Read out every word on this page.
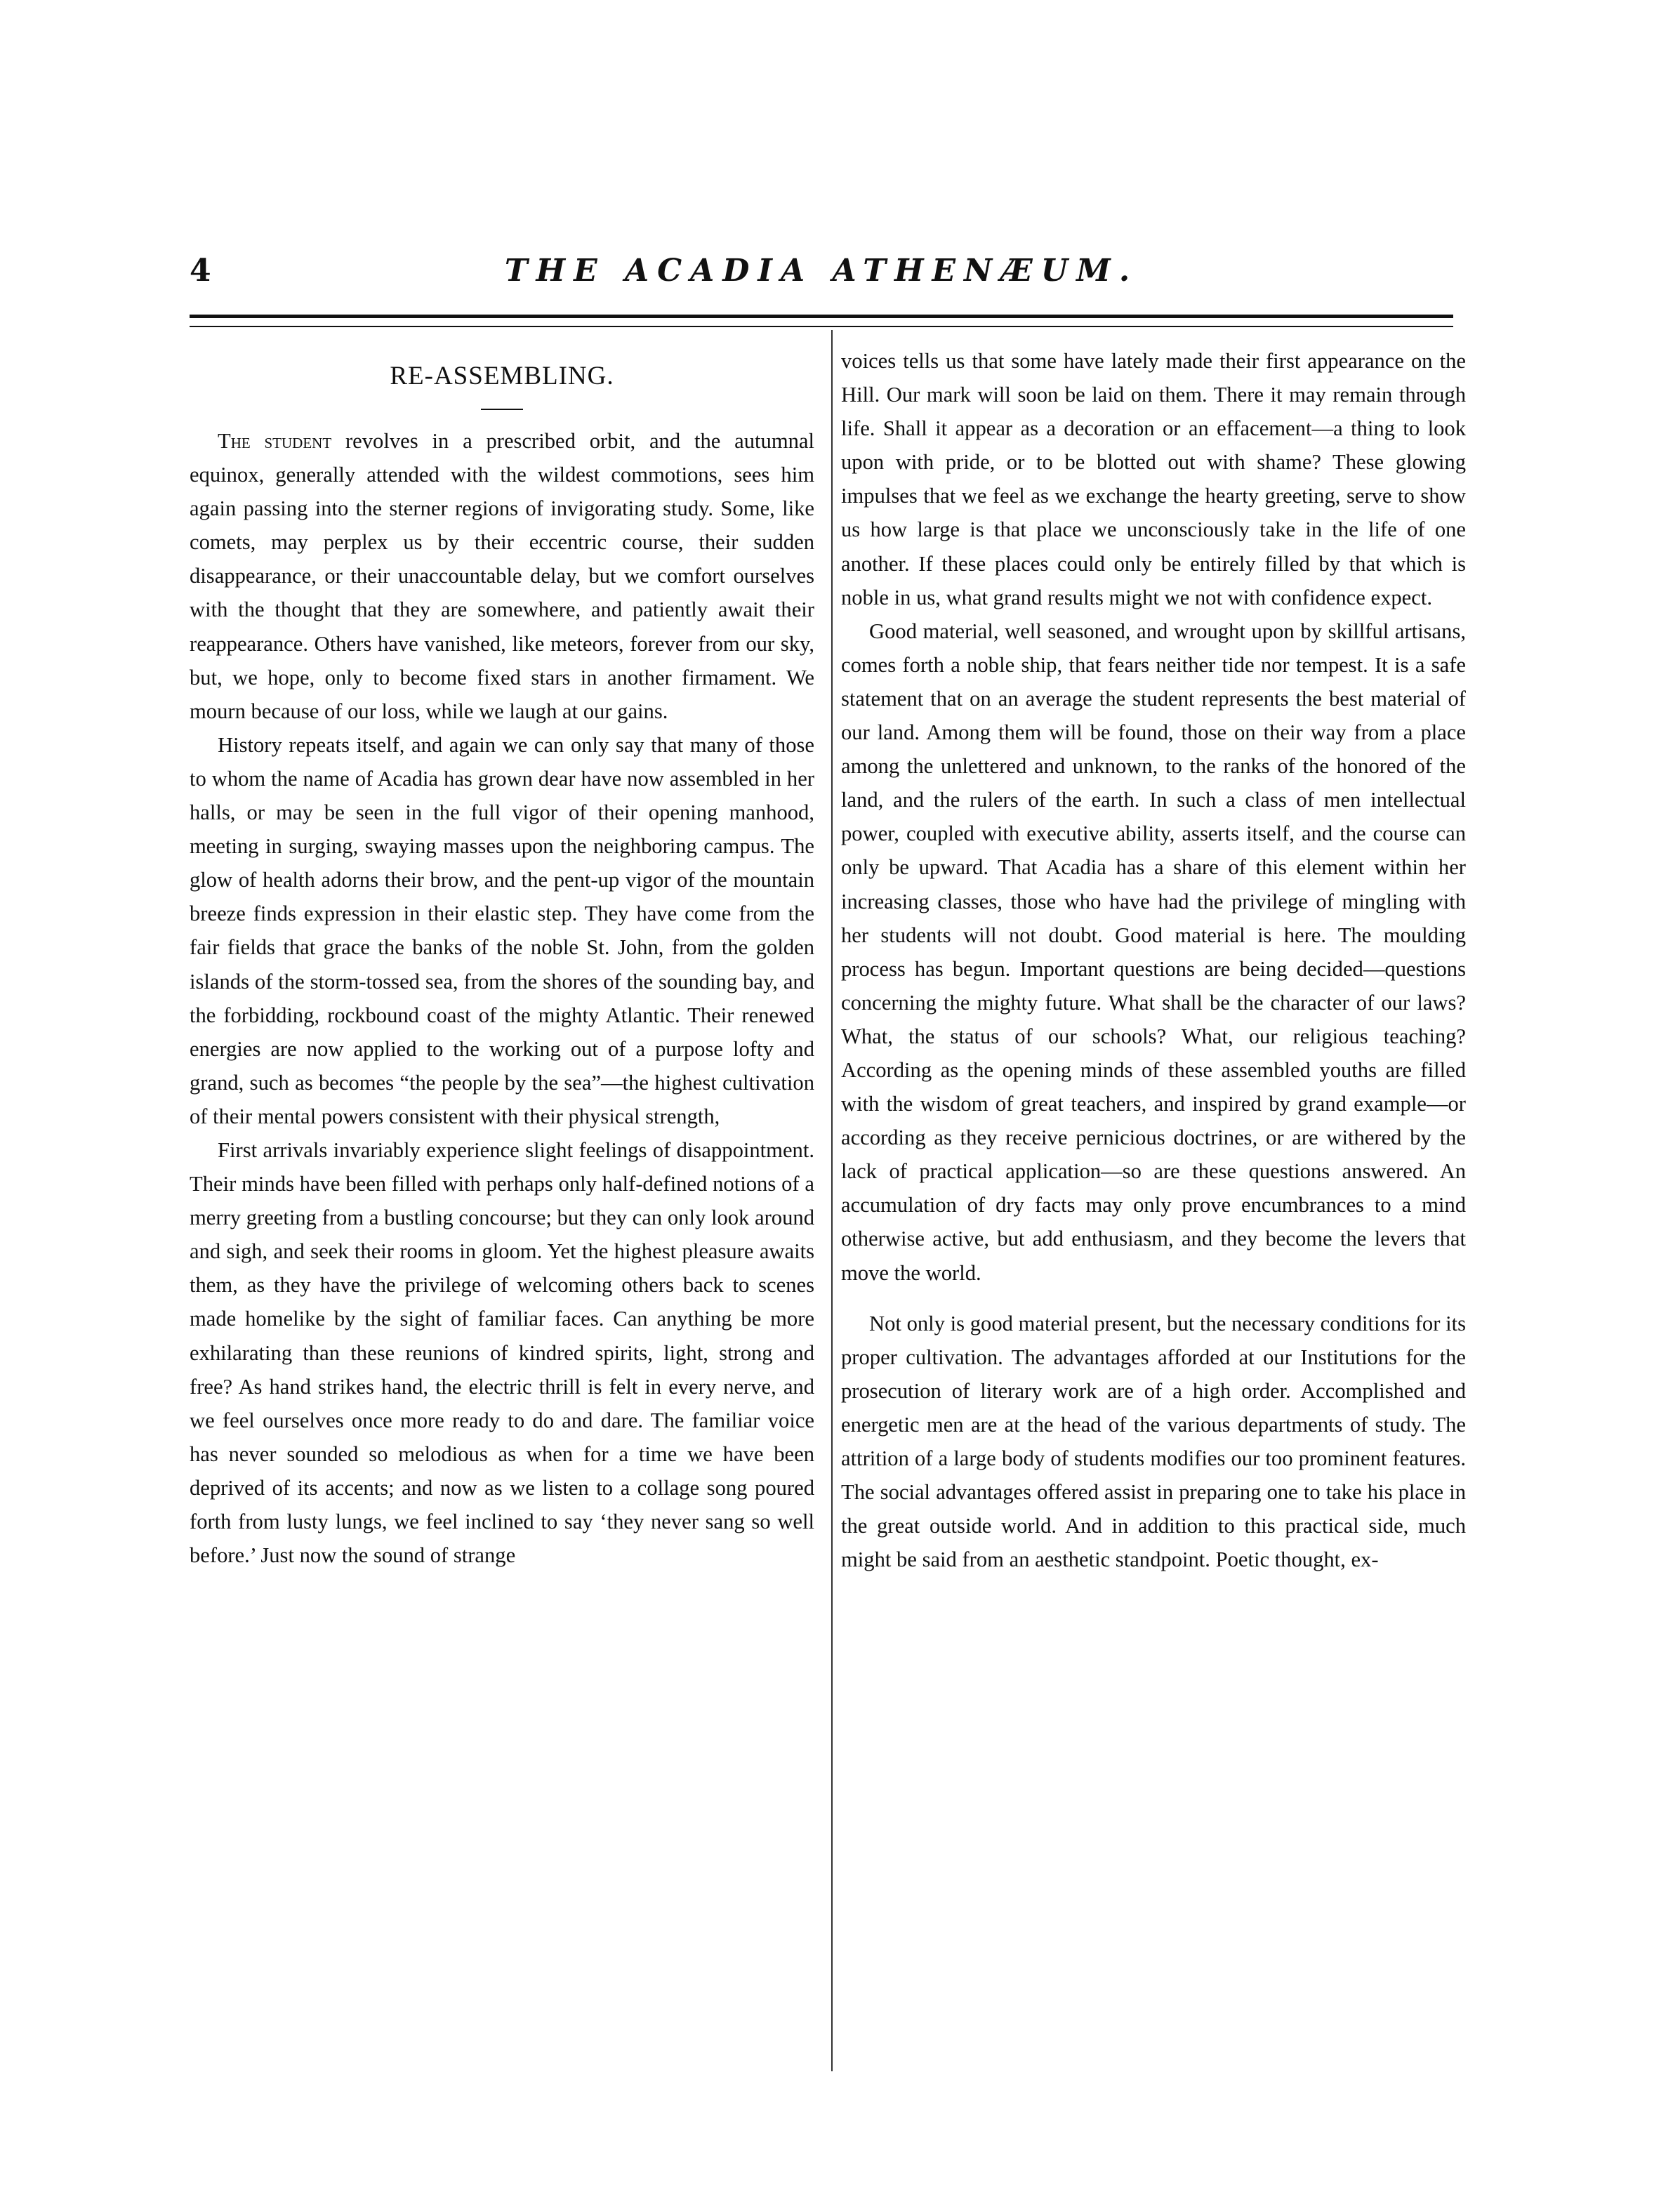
4	THE ACADIA ATHENÆUM.
RE-ASSEMBLING.

The student revolves in a prescribed orbit, and the autumnal equinox, generally attended with the wildest commotions, sees him again passing into the sterner regions of invigorating study. Some, like comets, may perplex us by their eccentric course, their sudden disappearance, or their unaccountable delay, but we comfort ourselves with the thought that they are somewhere, and patiently await their reappearance. Others have vanished, like meteors, forever from our sky, but, we hope, only to become fixed stars in another firmament. We mourn because of our loss, while we laugh at our gains.

History repeats itself, and again we can only say that many of those to whom the name of Acadia has grown dear have now assembled in her halls, or may be seen in the full vigor of their opening manhood, meeting in surging, swaying masses upon the neighboring campus. The glow of health adorns their brow, and the pent-up vigor of the mountain breeze finds expression in their elastic step. They have come from the fair fields that grace the banks of the noble St. John, from the golden islands of the storm-tossed sea, from the shores of the sounding bay, and the forbidding, rockbound coast of the mighty Atlantic. Their renewed energies are now applied to the working out of a purpose lofty and grand, such as becomes “the people by the sea”—the highest cultivation of their mental powers consistent with their physical strength,

First arrivals invariably experience slight feelings of disappointment. Their minds have been filled with perhaps only half-defined notions of a merry greeting from a bustling concourse; but they can only look around and sigh, and seek their rooms in gloom. Yet the highest pleasure awaits them, as they have the privilege of welcoming others back to scenes made homelike by the sight of familiar faces. Can anything be more exhilarating than these reunions of kindred spirits, light, strong and free? As hand strikes hand, the electric thrill is felt in every nerve, and we feel ourselves once more ready to do and dare. The familiar voice has never sounded so melodious as when for a time we have been deprived of its accents; and now as we listen to a collage song poured forth from lusty lungs, we feel inclined to say ‘they never sang so well before.’ Just now the sound of strange

voices tells us that some have lately made their first appearance on the Hill. Our mark will soon be laid on them. There it may remain through life. Shall it appear as a decoration or an effacement—a thing to look upon with pride, or to be blotted out with shame? These glowing impulses that we feel as we exchange the hearty greeting, serve to show us how large is that place we unconsciously take in the life of one another. If these places could only be entirely filled by that which is noble in us, what grand results might we not with confidence expect.

Good material, well seasoned, and wrought upon by skillful artisans, comes forth a noble ship, that fears neither tide nor tempest. It is a safe statement that on an average the student represents the best material of our land. Among them will be found, those on their way from a place among the unlettered and unknown, to the ranks of the honored of the land, and the rulers of the earth. In such a class of men intellectual power, coupled with executive ability, asserts itself, and the course can only be upward. That Acadia has a share of this element within her increasing classes, those who have had the privilege of mingling with her students will not doubt. Good material is here. The moulding process has begun. Important questions are being decided—questions concerning the mighty future. What shall be the character of our laws? What, the status of our schools? What, our religious teaching? According as the opening minds of these assembled youths are filled with the wisdom of great teachers, and inspired by grand example—or according as they receive pernicious doctrines, or are withered by the lack of practical application—so are these questions answered. An accumulation of dry facts may only prove encumbrances to a mind otherwise active, but add enthusiasm, and they become the levers that move the world.

Not only is good material present, but the necessary conditions for its proper cultivation. The advantages afforded at our Institutions for the prosecution of literary work are of a high order. Accomplished and energetic men are at the head of the various departments of study. The attrition of a large body of students modifies our too prominent features. The social advantages offered assist in preparing one to take his place in the great outside world. And in addition to this practical side, much might be said from an aesthetic standpoint. Poetic thought, ex-
